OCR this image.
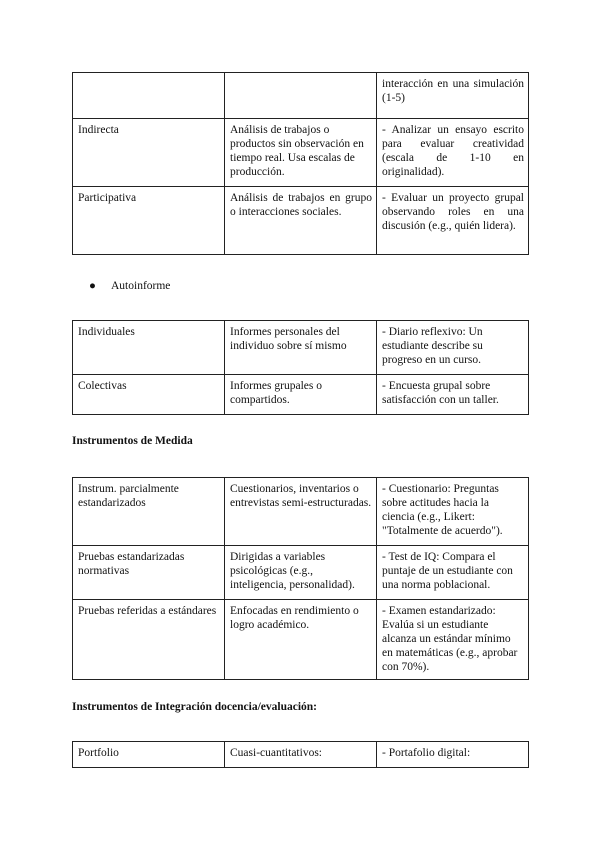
		interacción en una simulación (1-5)
Indirecta	Análisis de trabajos o productos sin observación en tiempo real. Usa escalas de producción.	- Analizar un ensayo escrito para evaluar creatividad (escala de 1-10 en originalidad).
Participativa	Análisis de trabajos en grupo o interacciones sociales.	- Evaluar un proyecto grupal observando roles en una discusión (e.g., quién lidera).
● Autoinforme
Individuales	Informes personales del individuo sobre sí mismo	- Diario reflexivo: Un estudiante describe su progreso en un curso.
Colectivas	Informes grupales o compartidos.	- Encuesta grupal sobre satisfacción con un taller.
Instrumentos de Medida
Instrum. parcialmente estandarizados	Cuestionarios, inventarios o entrevistas semi-estructuradas.	- Cuestionario: Preguntas sobre actitudes hacia la ciencia (e.g., Likert: "Totalmente de acuerdo").
Pruebas estandarizadas normativas	Dirigidas a variables psicológicas (e.g., inteligencia, personalidad).	- Test de IQ: Compara el puntaje de un estudiante con una norma poblacional.
Pruebas referidas a estándares	Enfocadas en rendimiento o logro académico.	- Examen estandarizado: Evalúa si un estudiante alcanza un estándar mínimo en matemáticas (e.g., aprobar con 70%).
Instrumentos de Integración docencia/evaluación:
Portfolio	Cuasi-cuantitativos:	- Portafolio digital:
